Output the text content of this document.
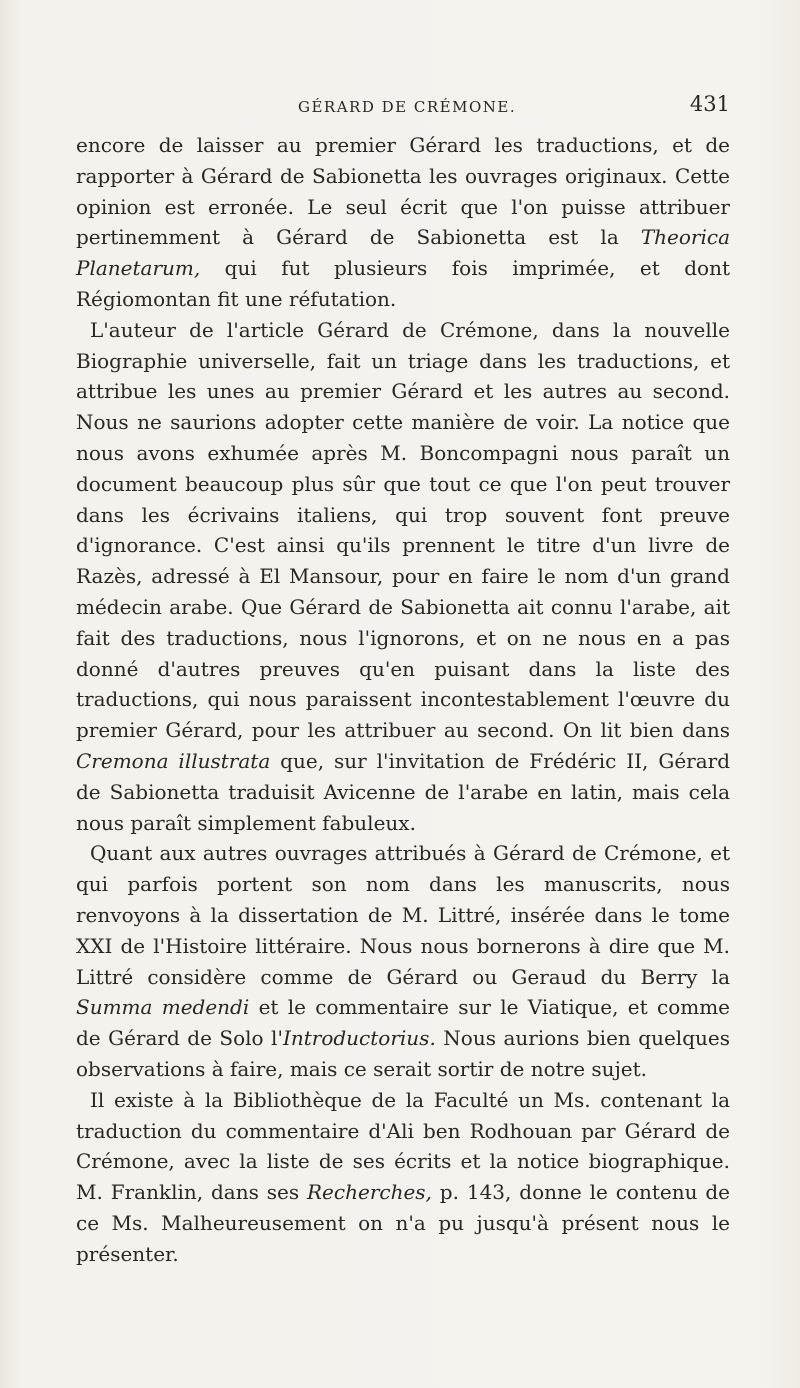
GÉRARD DE CRÉMONE.	431

encore de laisser au premier Gérard les traductions, et de rapporter à Gérard de Sabionetta les ouvrages originaux. Cette opinion est erronée. Le seul écrit que l'on puisse attribuer pertinemment à Gérard de Sabionetta est la Theorica Planetarum, qui fut plusieurs fois imprimée, et dont Régiomontan fit une réfutation.

L'auteur de l'article Gérard de Crémone, dans la nouvelle Biographie universelle, fait un triage dans les traductions, et attribue les unes au premier Gérard et les autres au second. Nous ne saurions adopter cette manière de voir. La notice que nous avons exhumée après M. Boncompagni nous paraît un document beaucoup plus sûr que tout ce que l'on peut trouver dans les écrivains italiens, qui trop souvent font preuve d'ignorance. C'est ainsi qu'ils prennent le titre d'un livre de Razès, adressé à El Mansour, pour en faire le nom d'un grand médecin arabe. Que Gérard de Sabionetta ait connu l'arabe, ait fait des traductions, nous l'ignorons, et on ne nous en a pas donné d'autres preuves qu'en puisant dans la liste des traductions, qui nous paraissent incontestablement l'œuvre du premier Gérard, pour les attribuer au second. On lit bien dans Cremona illustrata que, sur l'invitation de Frédéric II, Gérard de Sabionetta traduisit Avicenne de l'arabe en latin, mais cela nous paraît simplement fabuleux.

Quant aux autres ouvrages attribués à Gérard de Crémone, et qui parfois portent son nom dans les manuscrits, nous renvoyons à la dissertation de M. Littré, insérée dans le tome XXI de l'Histoire littéraire. Nous nous bornerons à dire que M. Littré considère comme de Gérard ou Geraud du Berry la Summa medendi et le commentaire sur le Viatique, et comme de Gérard de Solo l'Introductorius. Nous aurions bien quelques observations à faire, mais ce serait sortir de notre sujet.

Il existe à la Bibliothèque de la Faculté un Ms. contenant la traduction du commentaire d'Ali ben Rodhouan par Gérard de Crémone, avec la liste de ses écrits et la notice biographique. M. Franklin, dans ses Recherches, p. 143, donne le contenu de ce Ms. Malheureusement on n'a pu jusqu'à présent nous le présenter.
